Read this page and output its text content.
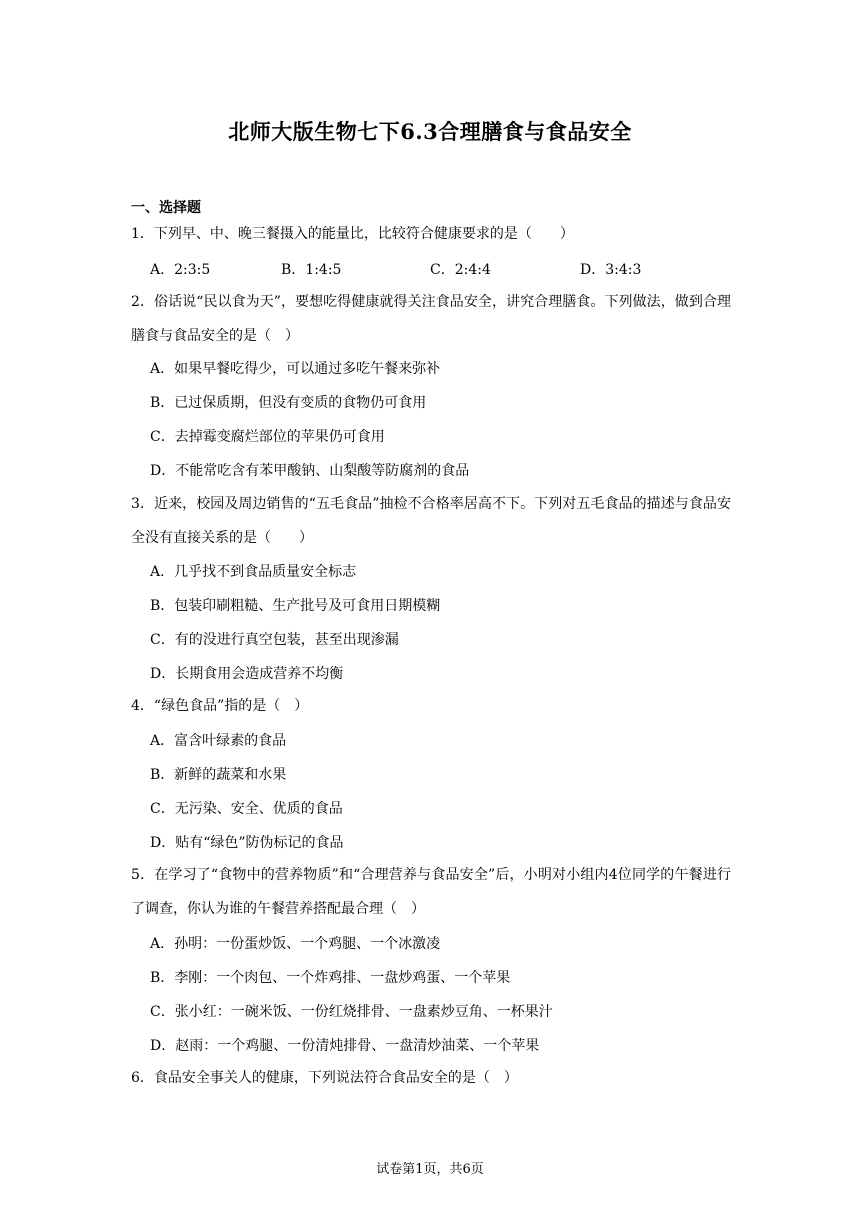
北师大版生物七下6.3合理膳食与食品安全
一、选择题
1．下列早、中、晚三餐摄入的能量比，比较符合健康要求的是（　　）
A．2:3:5	B．1:4:5	C．2:4:4	D．3:4:3
2．俗话说“民以食为天”，要想吃得健康就得关注食品安全，讲究合理膳食。下列做法，做到合理膳食与食品安全的是（　）
A．如果早餐吃得少，可以通过多吃午餐来弥补
B．已过保质期，但没有变质的食物仍可食用
C．去掉霉变腐烂部位的苹果仍可食用
D．不能常吃含有苯甲酸钠、山梨酸等防腐剂的食品
3．近来，校园及周边销售的“五毛食品”抽检不合格率居高不下。下列对五毛食品的描述与食品安全没有直接关系的是（　　）
A．几乎找不到食品质量安全标志
B．包装印刷粗糙、生产批号及可食用日期模糊
C．有的没进行真空包装，甚至出现渗漏
D．长期食用会造成营养不均衡
4．“绿色食品”指的是（　）
A．富含叶绿素的食品
B．新鲜的蔬菜和水果
C．无污染、安全、优质的食品
D．贴有“绿色”防伪标记的食品
5．在学习了“食物中的营养物质”和“合理营养与食品安全”后，小明对小组内4位同学的午餐进行了调查，你认为谁的午餐营养搭配最合理（　）
A．孙明：一份蛋炒饭、一个鸡腿、一个冰激凌
B．李刚：一个肉包、一个炸鸡排、一盘炒鸡蛋、一个苹果
C．张小红：一碗米饭、一份红烧排骨、一盘素炒豆角、一杯果汁
D．赵雨：一个鸡腿、一份清炖排骨、一盘清炒油菜、一个苹果
6．食品安全事关人的健康，下列说法符合食品安全的是（　）
试卷第1页，共6页
